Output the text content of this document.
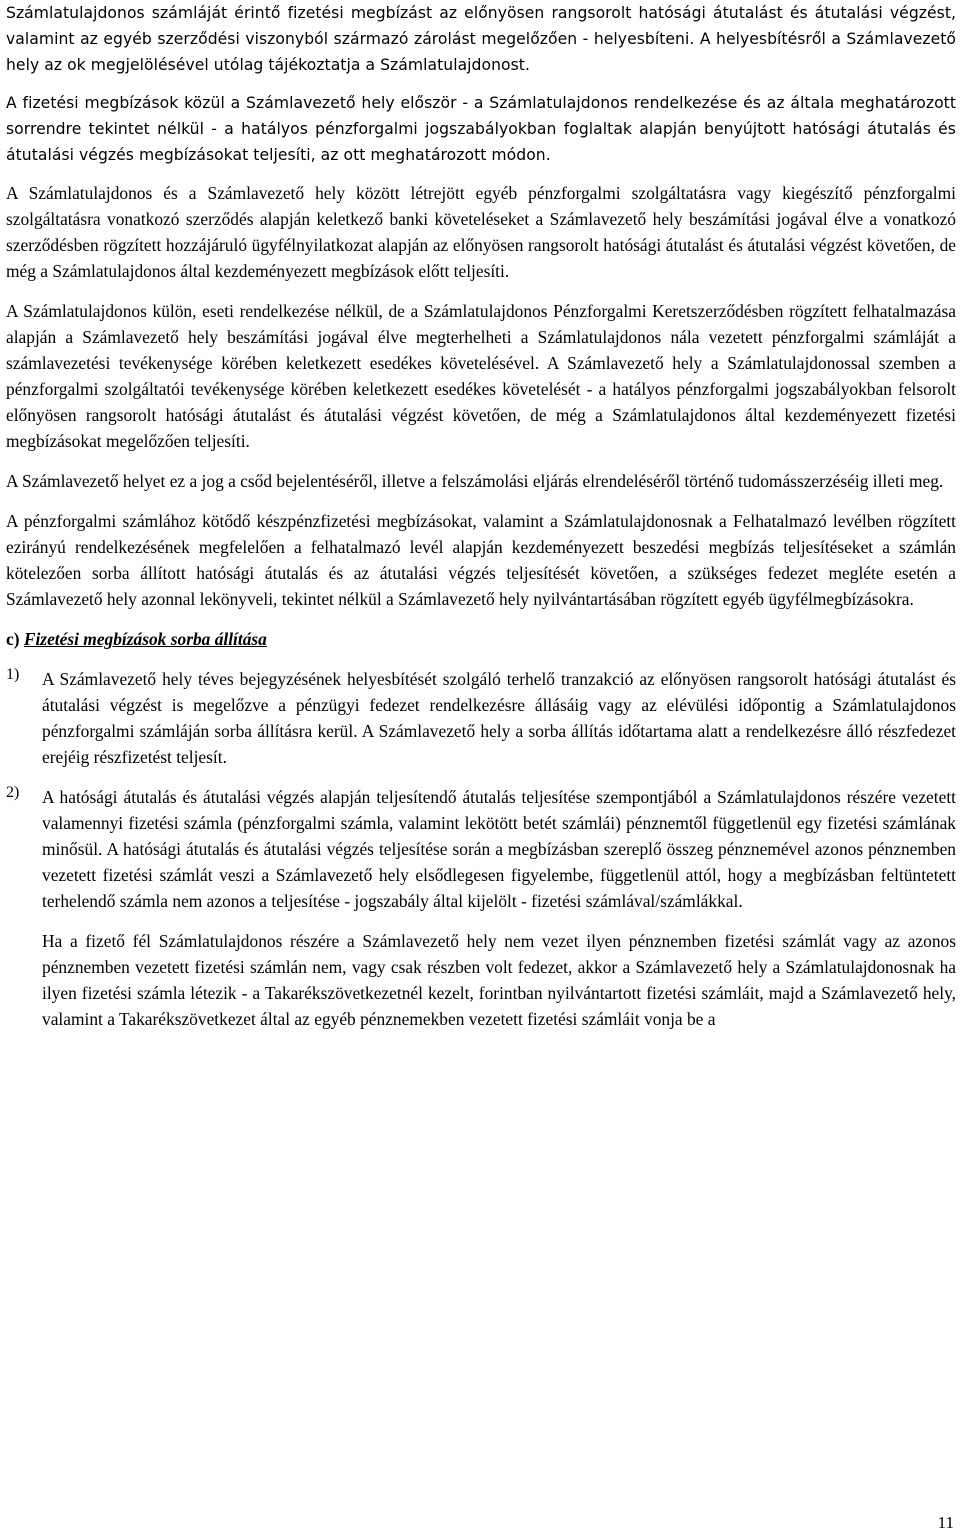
Számlatulajdonos számláját érintő fizetési megbízást az előnyösen rangsorolt hatósági átutalást és átutalási végzést, valamint az egyéb szerződési viszonyból származó zárolást megelőzően - helyesbíteni. A helyesbítésről a Számlavezető hely az ok megjelölésével utólag tájékoztatja a Számlatulajdonost.

A fizetési megbízások közül a Számlavezető hely először - a Számlatulajdonos rendelkezése és az általa meghatározott sorrendre tekintet nélkül - a hatályos pénzforgalmi jogszabályokban foglaltak alapján benyújtott hatósági átutalás és átutalási végzés megbízásokat teljesíti, az ott meghatározott módon.

A Számlatulajdonos és a Számlavezető hely között létrejött egyéb pénzforgalmi szolgáltatásra vagy kiegészítő pénzforgalmi szolgáltatásra vonatkozó szerződés alapján keletkező banki követeléseket a Számlavezető hely beszámítási jogával élve a vonatkozó szerződésben rögzített hozzájáruló ügyfélnyilatkozat alapján az előnyösen rangsorolt hatósági átutalást és átutalási végzést követően, de még a Számlatulajdonos által kezdeményezett megbízások előtt teljesíti.

A Számlatulajdonos külön, eseti rendelkezése nélkül, de a Számlatulajdonos Pénzforgalmi Keretszerződésben rögzített felhatalmazása alapján a Számlavezető hely beszámítási jogával élve megterhelheti a Számlatulajdonos nála vezetett pénzforgalmi számláját a számlavezetési tevékenysége körében keletkezett esedékes követelésével. A Számlavezető hely a Számlatulajdonossal szemben a pénzforgalmi szolgáltatói tevékenysége körében keletkezett esedékes követelését - a hatályos pénzforgalmi jogszabályokban felsorolt előnyösen rangsorolt hatósági átutalást és átutalási végzést követően, de még a Számlatulajdonos által kezdeményezett fizetési megbízásokat megelőzően teljesíti.

A Számlavezető helyet ez a jog a csőd bejelentéséről, illetve a felszámolási eljárás elrendeléséről történő tudomásszerzéséig illeti meg.

A pénzforgalmi számlához kötődő készpénzfizetési megbízásokat, valamint a Számlatulajdonosnak a Felhatalmazó levélben rögzített ezirányú rendelkezésének megfelelően a felhatalmazó levél alapján kezdeményezett beszedési megbízás teljesítéseket a számlán kötelezően sorba állított hatósági átutalás és az átutalási végzés teljesítését követően, a szükséges fedezet megléte esetén a Számlavezető hely azonnal lekönyveli, tekintet nélkül a Számlavezető hely nyilvántartásában rögzített egyéb ügyfélmegbízásokra.

c) Fizetési megbízások sorba állítása
1) A Számlavezető hely téves bejegyzésének helyesbítését szolgáló terhelő tranzakció az előnyösen rangsorolt hatósági átutalást és átutalási végzést is megelőzve a pénzügyi fedezet rendelkezésre állásáig vagy az elévülési időpontig a Számlatulajdonos pénzforgalmi számláján sorba állításra kerül. A Számlavezető hely a sorba állítás időtartama alatt a rendelkezésre álló részfedezet erejéig részfizetést teljesít.

2) A hatósági átutalás és átutalási végzés alapján teljesítendő átutalás teljesítése szempontjából a Számlatulajdonos részére vezetett valamennyi fizetési számla (pénzforgalmi számla, valamint lekötött betét számlái) pénznemtől függetlenül egy fizetési számlának minősül. A hatósági átutalás és átutalási végzés teljesítése során a megbízásban szereplő összeg pénznemével azonos pénznemben vezetett fizetési számlát veszi a Számlavezető hely elsődlegesen figyelembe, függetlenül attól, hogy a megbízásban feltüntetett terhelendő számla nem azonos a teljesítése - jogszabály által kijelölt - fizetési számlával/számlákkal.

Ha a fizető fél Számlatulajdonos részére a Számlavezető hely nem vezet ilyen pénznemben fizetési számlát vagy az azonos pénznemben vezetett fizetési számlán nem, vagy csak részben volt fedezet, akkor a Számlavezető hely a Számlatulajdonosnak ha ilyen fizetési számla létezik - a Takarékszövetkezetnél kezelt, forintban nyilvántartott fizetési számláit, majd a Számlavezető hely, valamint a Takarékszövetkezet által az egyéb pénznemekben vezetett fizetési számláit vonja be a

11
